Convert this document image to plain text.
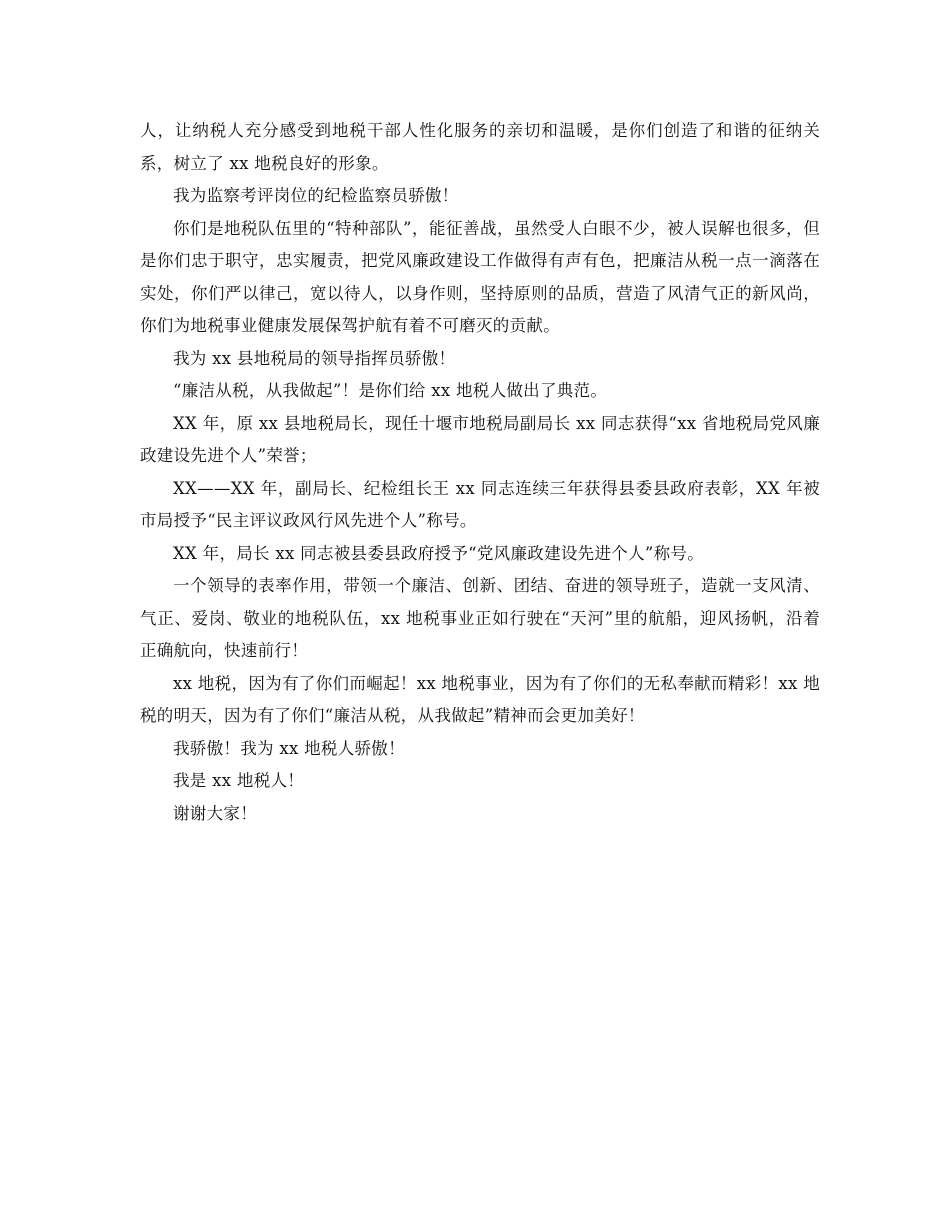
人，让纳税人充分感受到地税干部人性化服务的亲切和温暖，是你们创造了和谐的征纳关系，树立了 xx 地税良好的形象。

我为监察考评岗位的纪检监察员骄傲！

你们是地税队伍里的“特种部队”，能征善战，虽然受人白眼不少，被人误解也很多，但是你们忠于职守，忠实履责，把党风廉政建设工作做得有声有色，把廉洁从税一点一滴落在实处，你们严以律己，宽以待人，以身作则，坚持原则的品质，营造了风清气正的新风尚，你们为地税事业健康发展保驾护航有着不可磨灭的贡献。

我为 xx 县地税局的领导指挥员骄傲！

“廉洁从税，从我做起”！是你们给 xx 地税人做出了典范。

XX 年，原 xx 县地税局长，现任十堰市地税局副局长 xx 同志获得“xx 省地税局党风廉政建设先进个人”荣誉；

XX——XX 年，副局长、纪检组长王 xx 同志连续三年获得县委县政府表彰，XX 年被市局授予“民主评议政风行风先进个人”称号。

XX 年，局长 xx 同志被县委县政府授予“党风廉政建设先进个人”称号。

一个领导的表率作用，带领一个廉洁、创新、团结、奋进的领导班子，造就一支风清、气正、爱岗、敬业的地税队伍，xx 地税事业正如行驶在“天河”里的航船，迎风扬帆，沿着正确航向，快速前行！

xx 地税，因为有了你们而崛起！xx 地税事业，因为有了你们的无私奉献而精彩！xx 地税的明天，因为有了你们“廉洁从税，从我做起”精神而会更加美好！

我骄傲！我为 xx 地税人骄傲！

我是 xx 地税人！

谢谢大家！
